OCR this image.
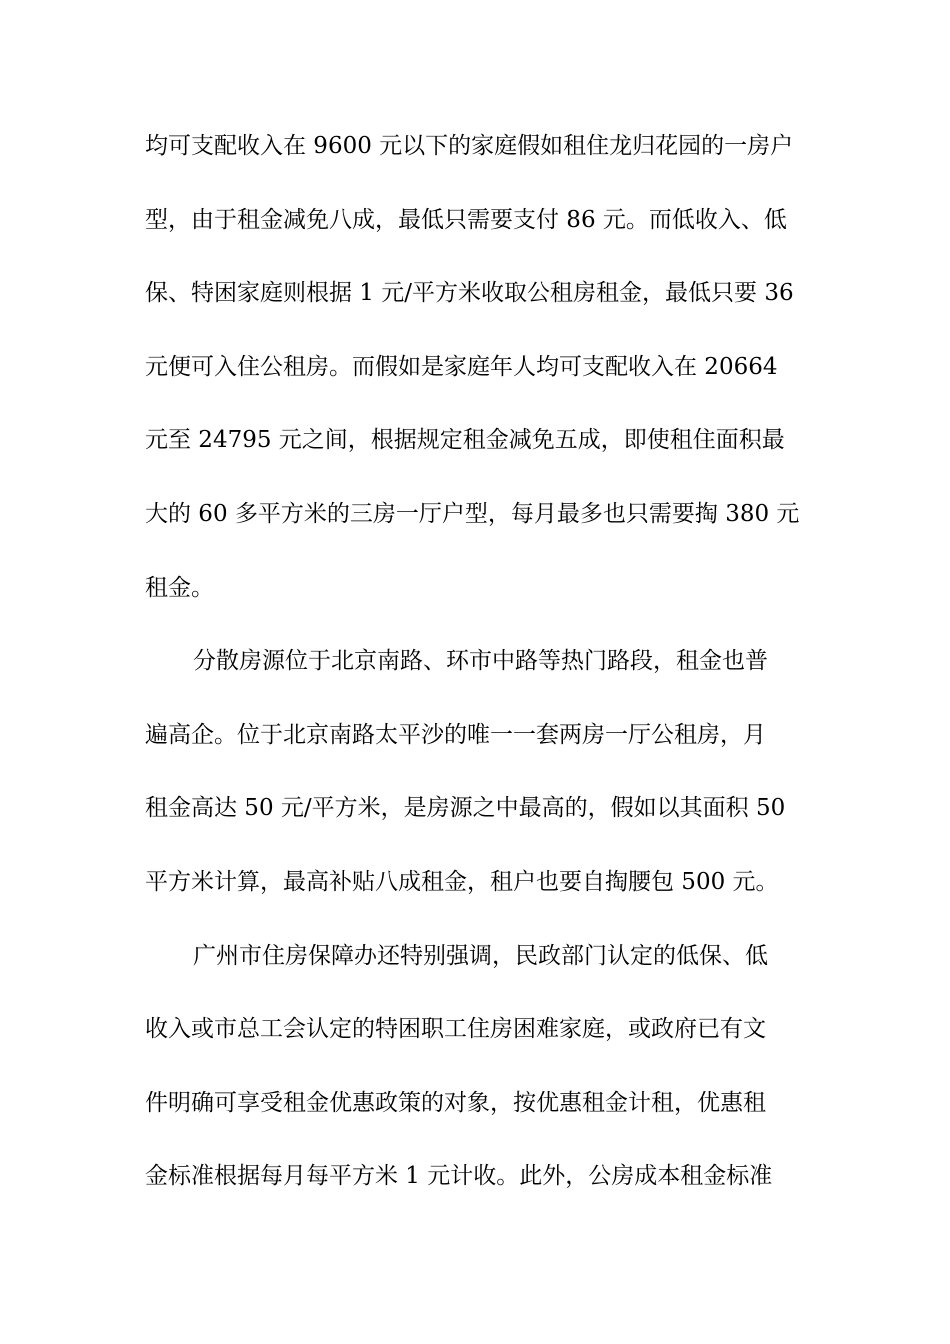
均可支配收入在 9600 元以下的家庭假如租住龙归花园的一房户
型，由于租金减免八成，最低只需要支付 86 元。而低收入、低
保、特困家庭则根据 1 元/平方米收取公租房租金，最低只要 36
元便可入住公租房。而假如是家庭年人均可支配收入在 20664
元至 24795 元之间，根据规定租金减免五成，即使租住面积最
大的 60 多平方米的三房一厅户型，每月最多也只需要掏 380 元
租金。
分散房源位于北京南路、环市中路等热门路段，租金也普
遍高企。位于北京南路太平沙的唯一一套两房一厅公租房，月
租金高达 50 元/平方米，是房源之中最高的，假如以其面积 50
平方米计算，最高补贴八成租金，租户也要自掏腰包 500 元。
广州市住房保障办还特别强调，民政部门认定的低保、低
收入或市总工会认定的特困职工住房困难家庭，或政府已有文
件明确可享受租金优惠政策的对象，按优惠租金计租，优惠租
金标准根据每月每平方米 1 元计收。此外，公房成本租金标准
